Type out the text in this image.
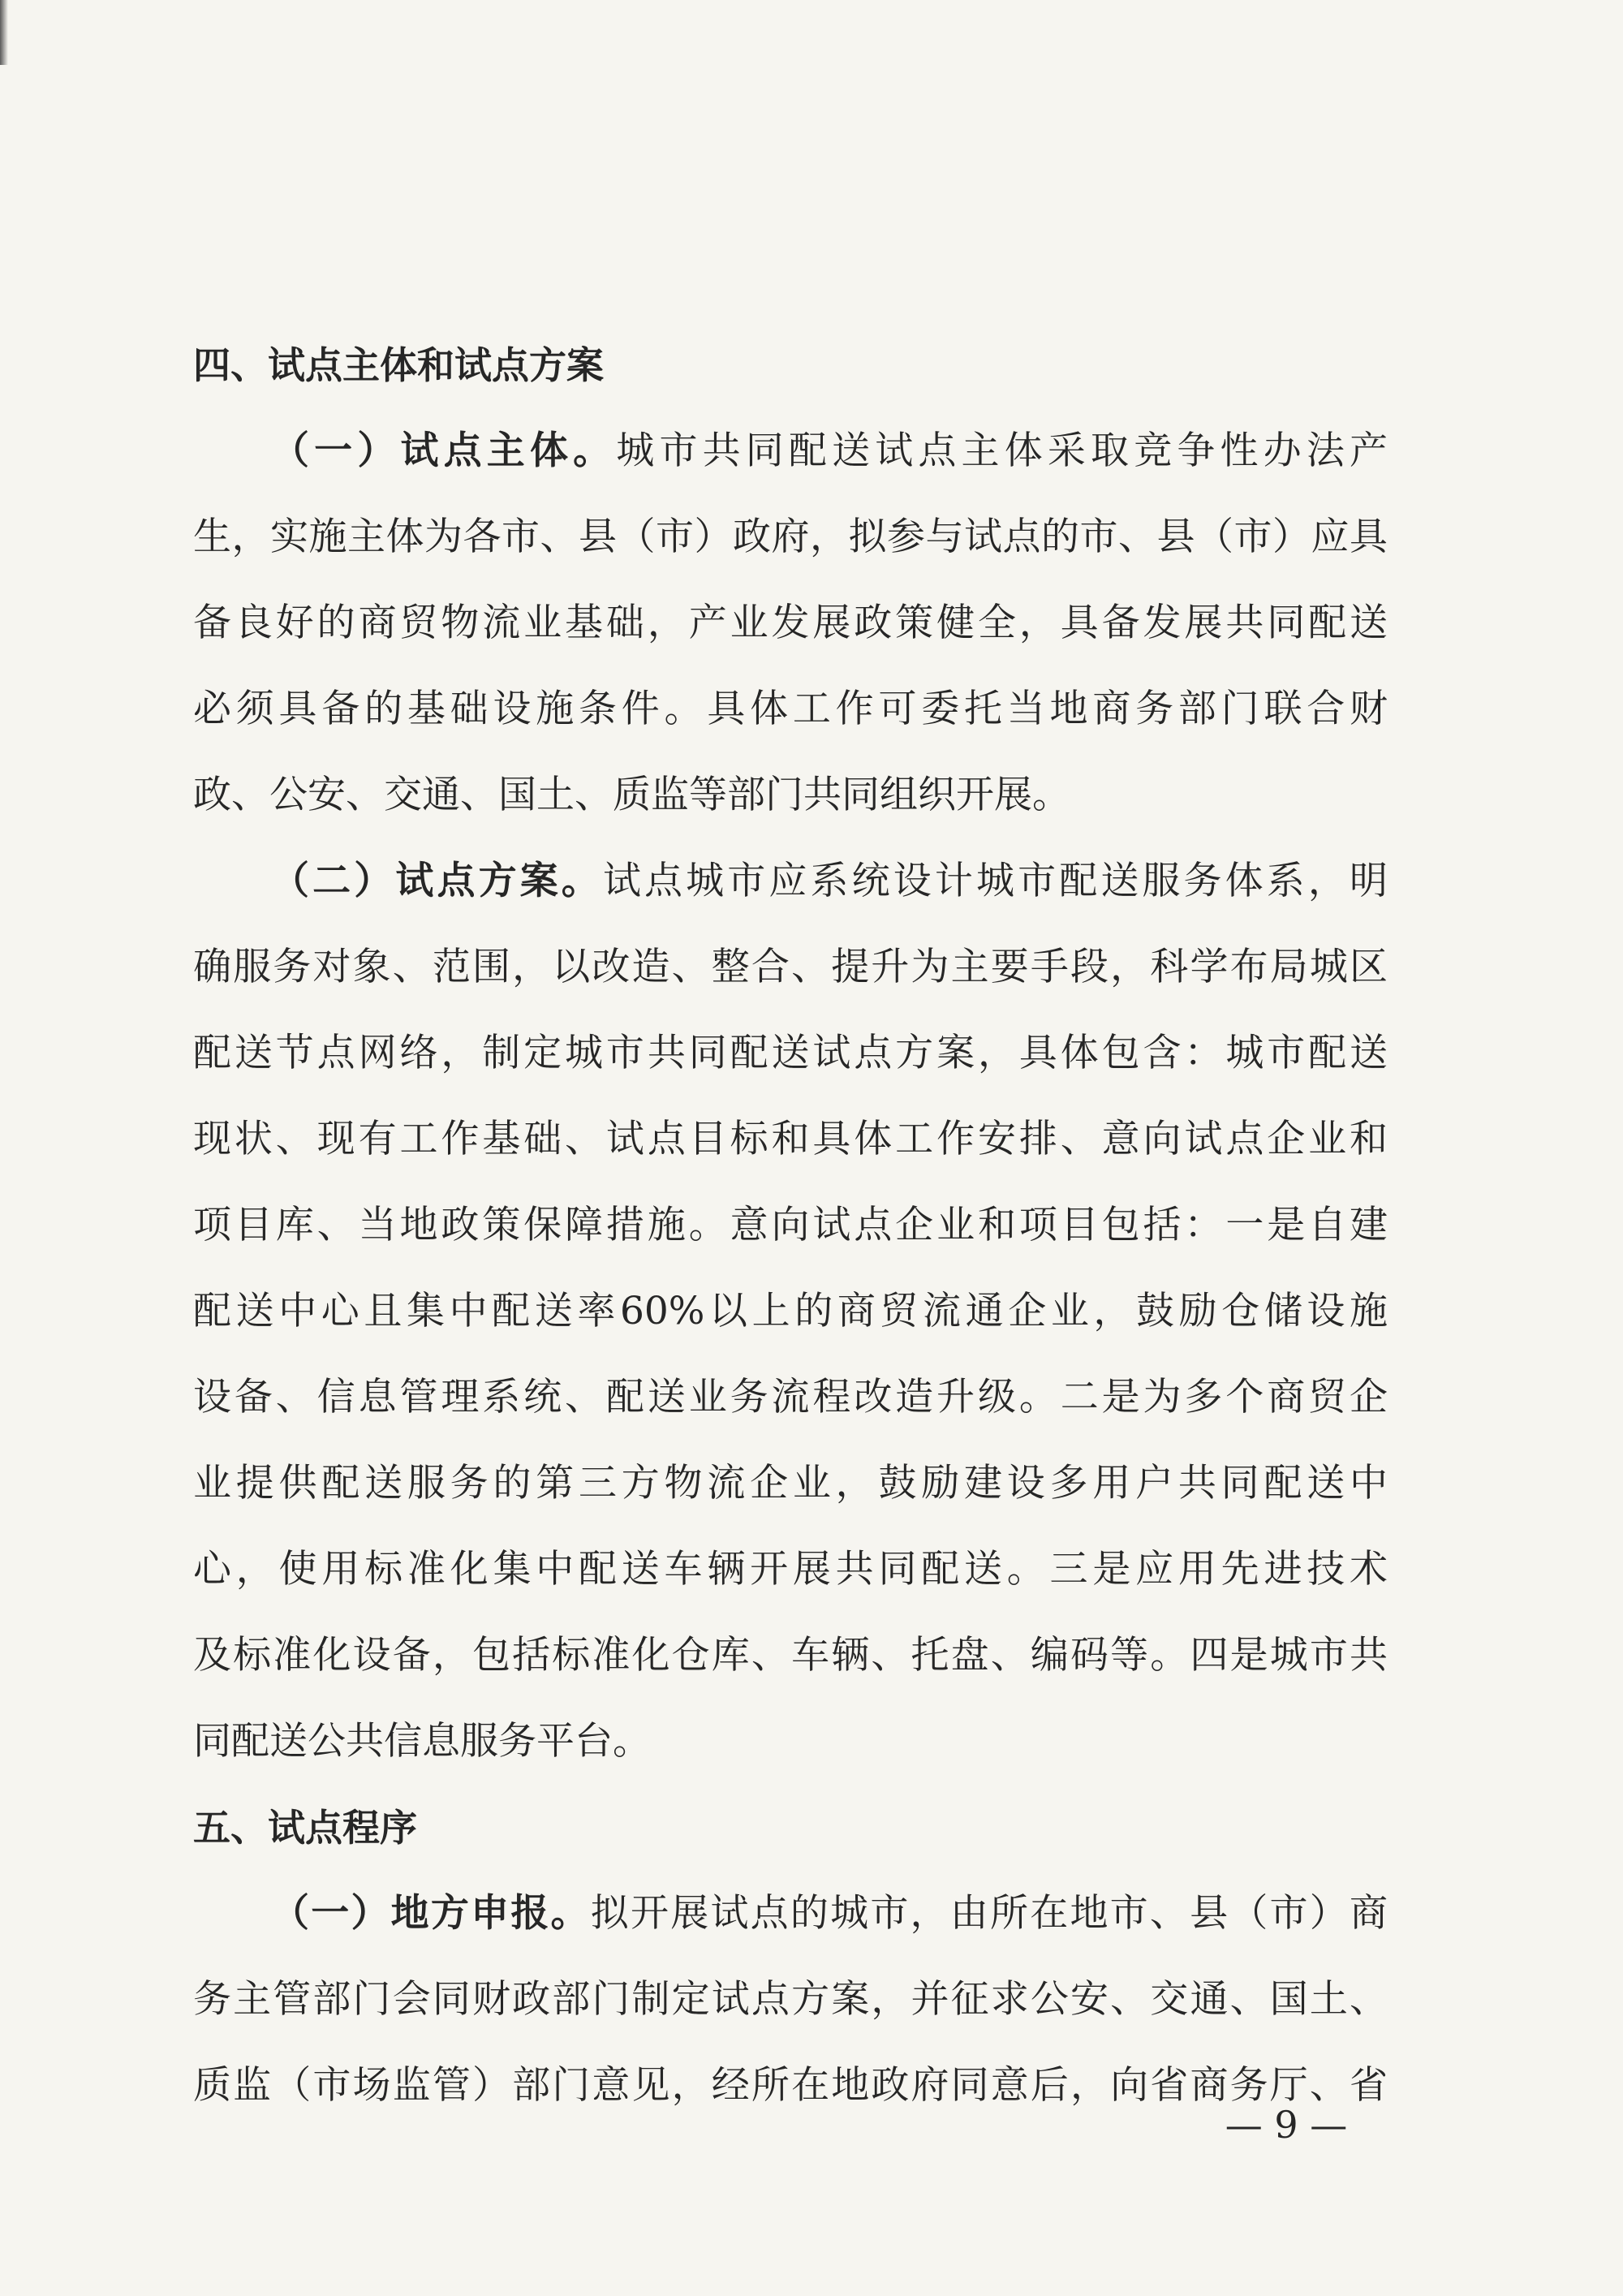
四、试点主体和试点方案
（一）试点主体。城市共同配送试点主体采取竞争性办法产
生，实施主体为各市、县（市）政府，拟参与试点的市、县（市）应具
备良好的商贸物流业基础，产业发展政策健全，具备发展共同配送
必须具备的基础设施条件。具体工作可委托当地商务部门联合财
政、公安、交通、国土、质监等部门共同组织开展。
（二）试点方案。试点城市应系统设计城市配送服务体系，明
确服务对象、范围，以改造、整合、提升为主要手段，科学布局城区
配送节点网络，制定城市共同配送试点方案，具体包含：城市配送
现状、现有工作基础、试点目标和具体工作安排、意向试点企业和
项目库、当地政策保障措施。意向试点企业和项目包括：一是自建
配送中心且集中配送率60%以上的商贸流通企业，鼓励仓储设施
设备、信息管理系统、配送业务流程改造升级。二是为多个商贸企
业提供配送服务的第三方物流企业，鼓励建设多用户共同配送中
心，使用标准化集中配送车辆开展共同配送。三是应用先进技术
及标准化设备，包括标准化仓库、车辆、托盘、编码等。四是城市共
同配送公共信息服务平台。
五、试点程序
（一）地方申报。拟开展试点的城市，由所在地市、县（市）商
务主管部门会同财政部门制定试点方案，并征求公安、交通、国土、
质监（市场监管）部门意见，经所在地政府同意后，向省商务厅、省
— 9 —
